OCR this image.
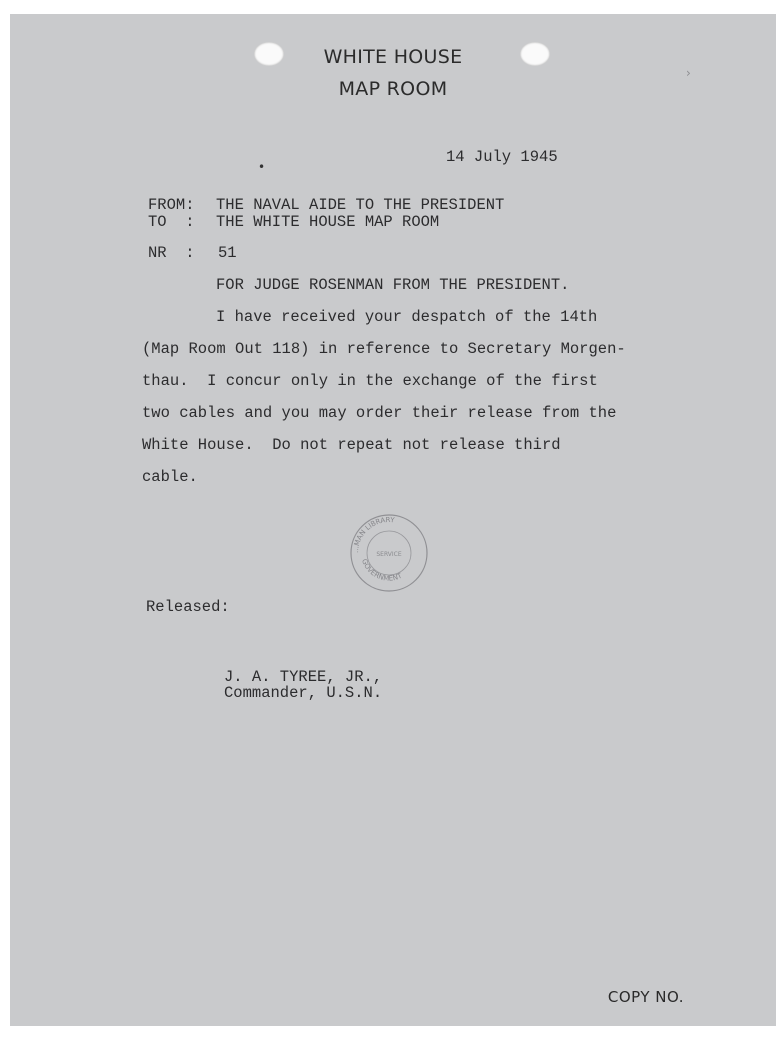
WHITE HOUSE
MAP ROOM
›
•
14 July 1945
FROM: THE NAVAL AIDE TO THE PRESIDENT
TO  : THE WHITE HOUSE MAP ROOM
NR  : 51
FOR JUDGE ROSENMAN FROM THE PRESIDENT.
I have received your despatch of the 14th
(Map Room Out 118) in reference to Secretary Morgen-
thau.  I concur only in the exchange of the first
two cables and you may order their release from the
White House.  Do not repeat not release third
cable.
...MAN LIBRARY
GOVERNMENT
SERVICE
Released:
J. A. TYREE, JR.,
Commander, U.S.N.
COPY NO.
